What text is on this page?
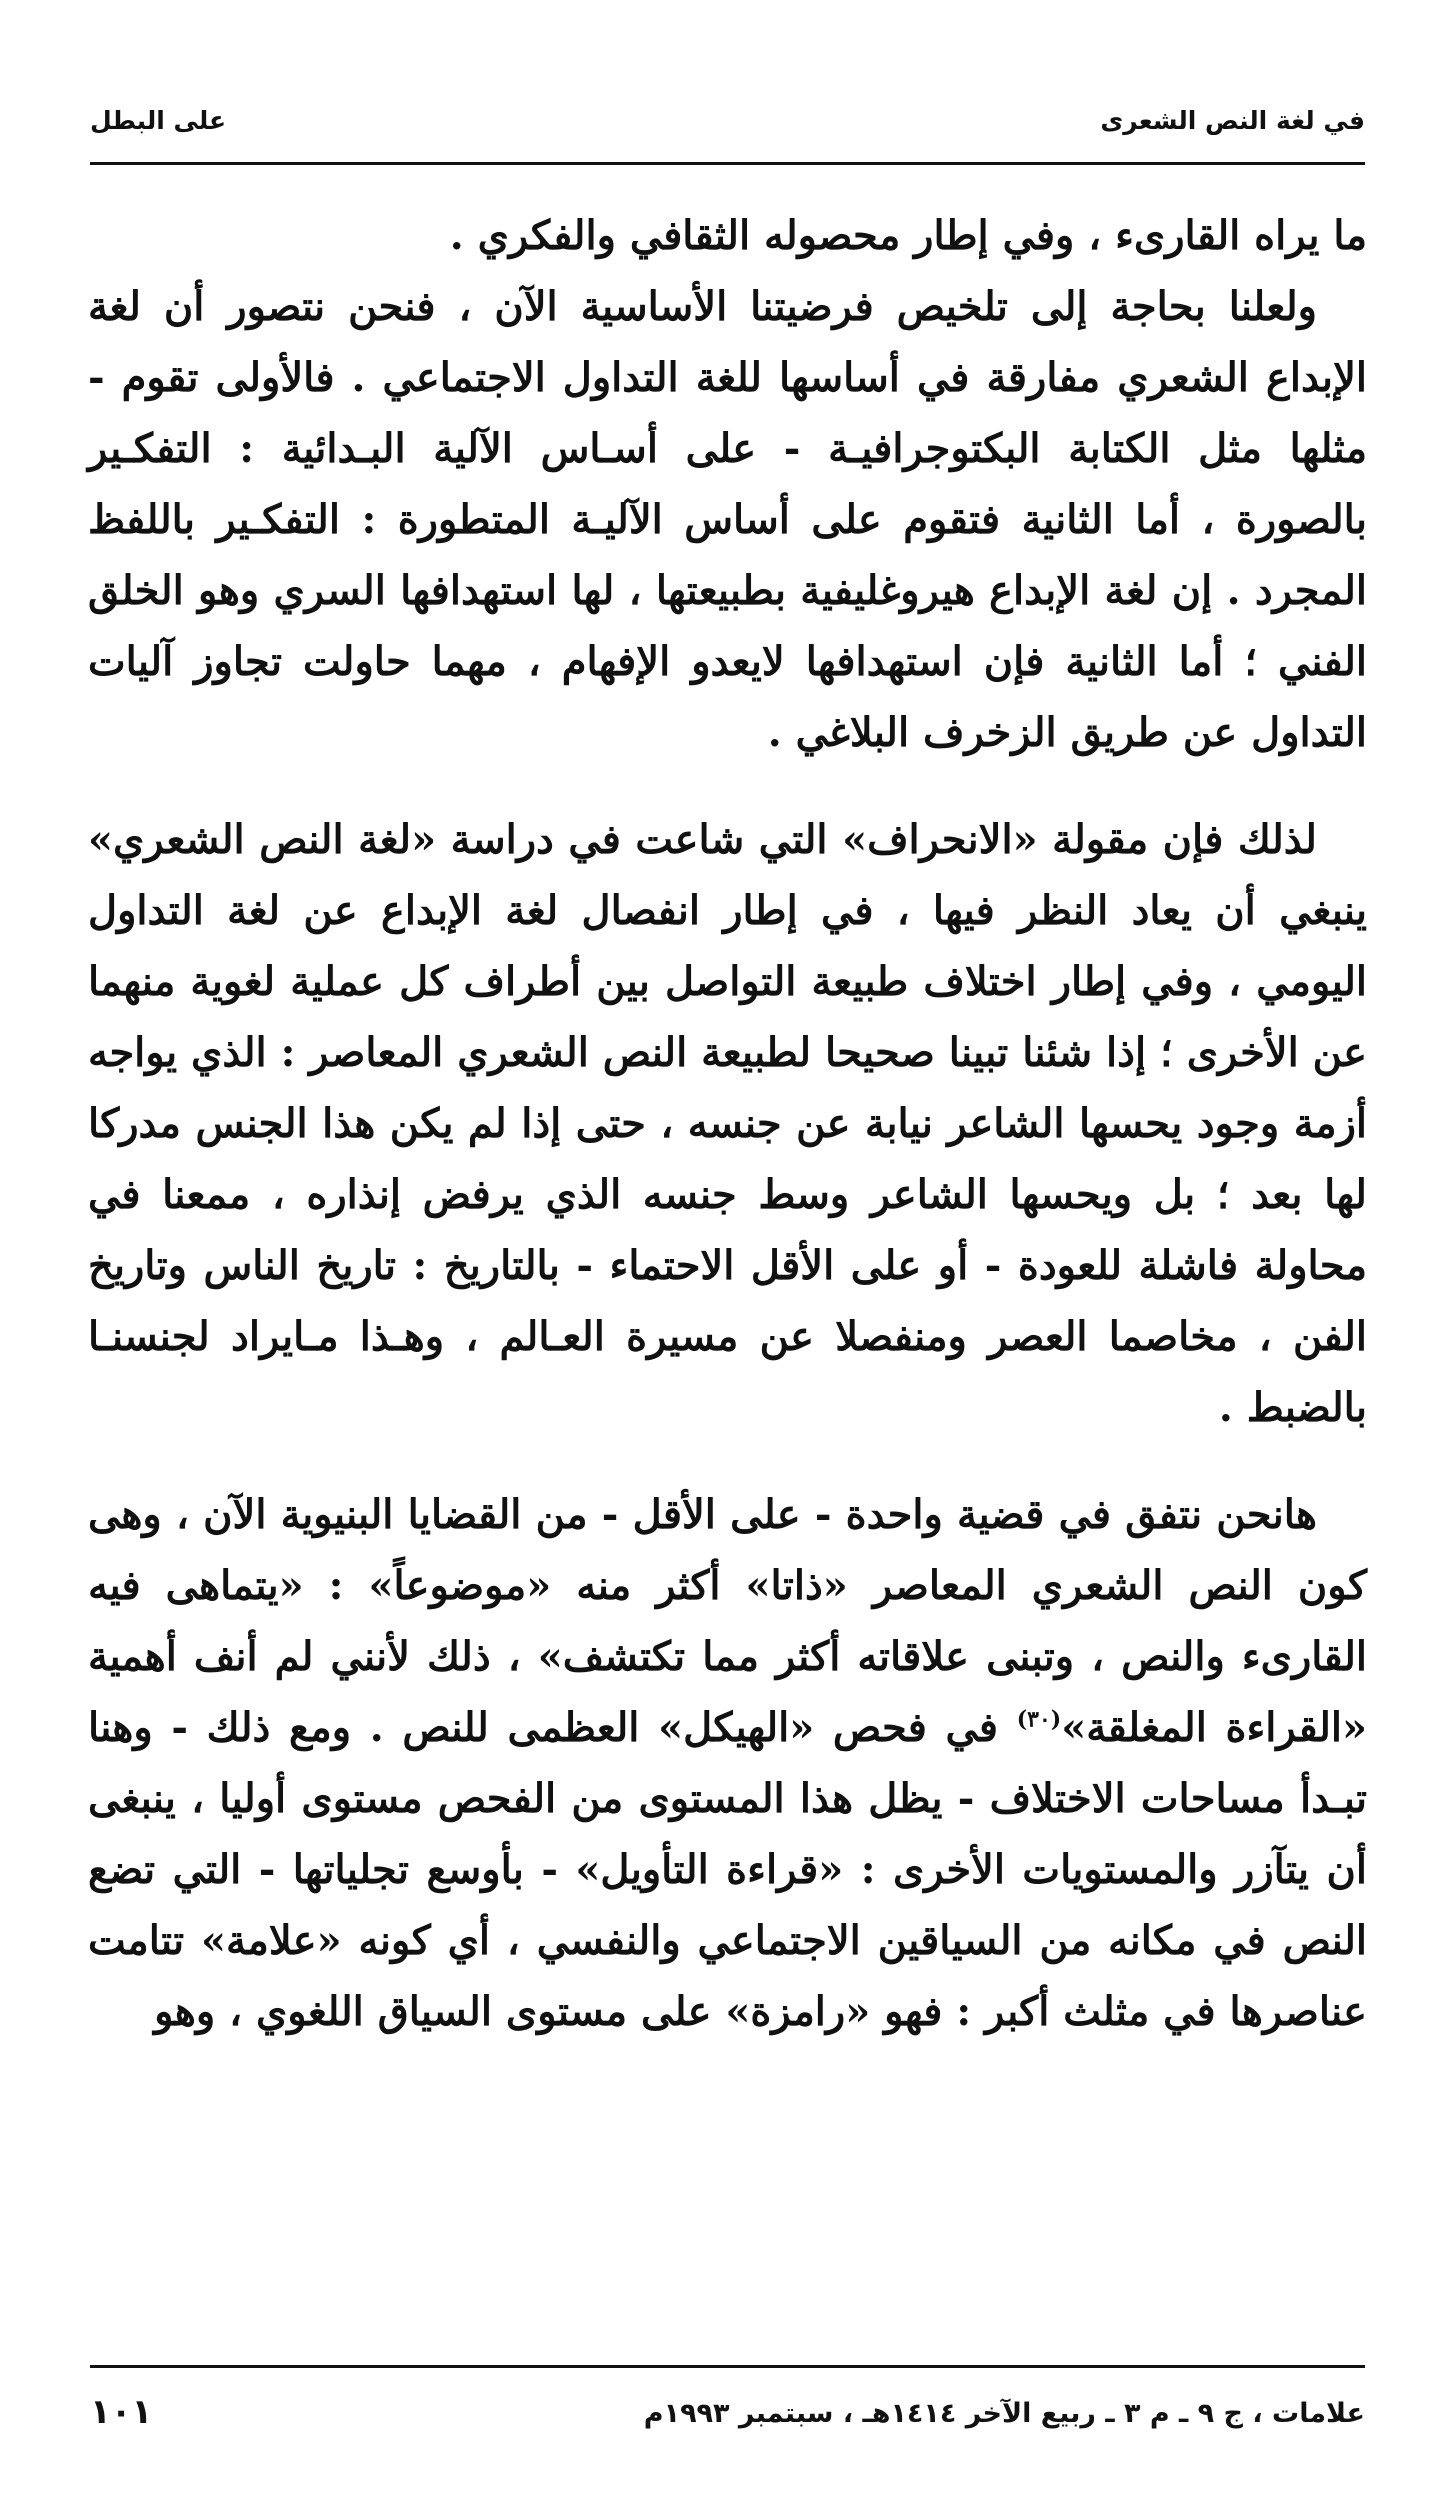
في لغة النص الشعرى
على البطل

ما يراه القارىء ، وفي إطار محصوله الثقافي والفكري .

ولعلنا بحاجة إلى تلخيص فرضيتنا الأساسية الآن ، فنحن نتصور أن لغة الإبداع الشعري مفارقة في أساسها للغة التداول الاجتماعي . فالأولى تقوم - مثلها مثل الكتابة البكتوجرافيـة - على أسـاس الآلية البـدائية : التفكـير بالصورة ، أما الثانية فتقوم على أساس الآليـة المتطورة : التفكـير باللفظ المجرد . إن لغة الإبداع هيروغليفية بطبيعتها ، لها استهدافها السري وهو الخلق الفني ؛ أما الثانية فإن استهدافها لايعدو الإفهام ، مهما حاولت تجاوز آليات التداول عن طريق الزخرف البلاغي .

لذلك فإن مقولة «الانحراف» التي شاعت في دراسة «لغة النص الشعري» ينبغي أن يعاد النظر فيها ، في إطار انفصال لغة الإبداع عن لغة التداول اليومي ، وفي إطار اختلاف طبيعة التواصل بين أطراف كل عملية لغوية منهما عن الأخرى ؛ إذا شئنا تبينا صحيحا لطبيعة النص الشعري المعاصر : الذي يواجه أزمة وجود يحسها الشاعر نيابة عن جنسه ، حتى إذا لم يكن هذا الجنس مدركا لها بعد ؛ بل ويحسها الشاعر وسط جنسه الذي يرفض إنذاره ، ممعنا في محاولة فاشلة للعودة - أو على الأقل الاحتماء - بالتاريخ : تاريخ الناس وتاريخ الفن ، مخاصما العصر ومنفصلا عن مسيرة العـالم ، وهـذا مـايراد لجنسنـا بالضبط .

هانحن نتفق في قضية واحدة - على الأقل - من القضايا البنيوية الآن ، وهى كون النص الشعري المعاصر «ذاتا» أكثر منه «موضوعاً» : «يتماهى فيه القارىء والنص ، وتبنى علاقاته أكثر مما تكتشف» ، ذلك لأنني لم أنف أهمية «القراءة المغلقة»$^{(٣٠)}$ في فحص «الهيكل» العظمى للنص . ومع ذلك - وهنا تبـدأ مساحات الاختلاف - يظل هذا المستوى من الفحص مستوى أوليا ، ينبغى أن يتآزر والمستويات الأخرى : «قراءة التأويل» - بأوسع تجلياتها - التي تضع النص في مكانه من السياقين الاجتماعي والنفسي ، أي كونه «علامة» تتامت عناصرها في مثلث أكبر : فهو «رامزة» على مستوى السياق اللغوي ، وهو

علامات ، ج ٩ ـ م ٣ ـ ربيع الآخر ١٤١٤هـ ، سبتمبر ١٩٩٣م
١٠١
